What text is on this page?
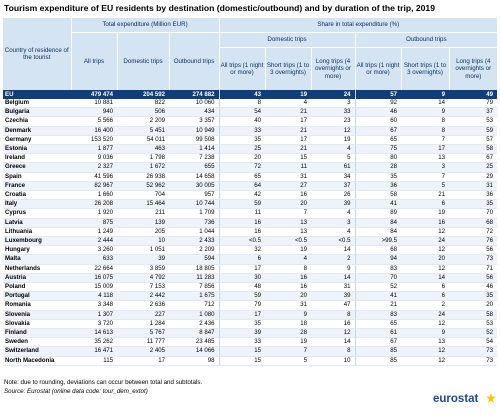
Tourism expenditure of EU residents by destination (domestic/outbound) and by duration of the trip, 2019
Country of residence of the tourist	Total expenditure (Million EUR)			Share in total expenditure (%)					
	All trips	Domestic trips	Outbound trips	Domestic trips			Outbound trips		
				All trips (1 night or more)	Short trips (1 to 3 overnights)	Long trips (4 overnights or more)	All trips (1 night or more)	Short trips (1 to 3 overnights)	Long trips (4 overnights or more)
EU	479 474	204 592	274 882	43	19	24	57	9	49
Belgium	10 881	822	10 060	8	4	3	92	14	79
Bulgaria	940	506	434	54	21	33	46	9	37
Czechia	5 566	2 209	3 357	40	17	23	60	8	53
Denmark	16 400	5 451	10 949	33	21	12	67	8	59
Germany	153 520	54 011	99 508	35	17	19	65	7	57
Estonia	1 877	463	1 414	25	21	4	75	17	58
Ireland	9 036	1 798	7 238	20	15	5	80	13	67
Greece	2 327	1 672	655	72	11	61	28	3	25
Spain	41 596	26 938	14 658	65	31	34	35	7	29
France	82 967	52 962	30 005	64	27	37	36	5	31
Croatia	1 660	704	957	42	16	26	58	21	36
Italy	26 208	15 464	10 744	59	20	39	41	6	35
Cyprus	1 920	211	1 709	11	7	4	89	19	70
Latvia	875	139	736	16	13	3	84	16	68
Lithuania	1 249	205	1 044	16	13	4	84	12	72
Luxembourg	2 444	10	2 433	<0.5	<0.5	<0.5	>99.5	24	76
Hungary	3 260	1 051	2 209	32	19	14	68	12	56
Malta	633	39	594	6	4	2	94	20	73
Netherlands	22 664	3 859	18 805	17	8	9	83	12	71
Austria	16 075	4 792	11 283	30	16	14	70	14	56
Poland	15 009	7 153	7 856	48	16	31	52	6	46
Portugal	4 118	2 442	1 675	59	20	39	41	6	35
Romania	3 348	2 636	712	79	31	47	21	2	20
Slovenia	1 307	227	1 080	17	9	8	83	24	58
Slovakia	3 720	1 284	2 436	35	18	16	65	12	53
Finland	14 613	5 767	8 847	39	28	12	61	9	52
Sweden	35 262	11 777	23 485	33	19	14	67	13	54
Switzerland	16 471	2 405	14 066	15	7	8	85	12	73
North Macedonia	115	17	98	15	5	10	85	12	73
Note: due to rounding, deviations can occur between total and subtotals.
Source: Eurostat (online data code: tour_dem_extot)
eurostat
